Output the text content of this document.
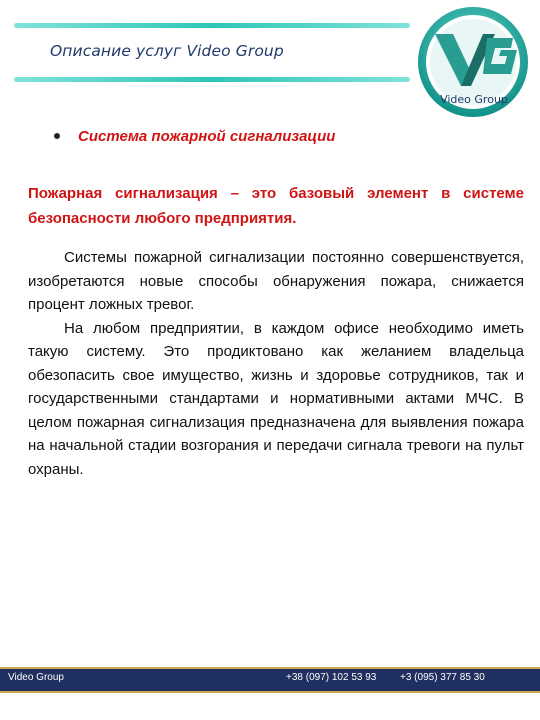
Описание услуг Video Group
Video Group
Система пожарной сигнализации

Пожарная сигнализация – это базовый элемент в системе безопасности любого предприятия.

Системы пожарной сигнализации постоянно совершенствуется, изобретаются новые способы обнаружения пожара, снижается процент ложных тревог.

На любом предприятии, в каждом офисе необходимо иметь такую систему. Это продиктовано как желанием владельца обезопасить свое имущество, жизнь и здоровье сотрудников, так и государственными стандартами и нормативными актами МЧС. В целом пожарная сигнализация предназначена для выявления пожара на начальной стадии возгорания и передачи сигнала тревоги на пульт охраны.

Video Group	+38 (097) 102 53 93 +3 (095) 377 85 30
